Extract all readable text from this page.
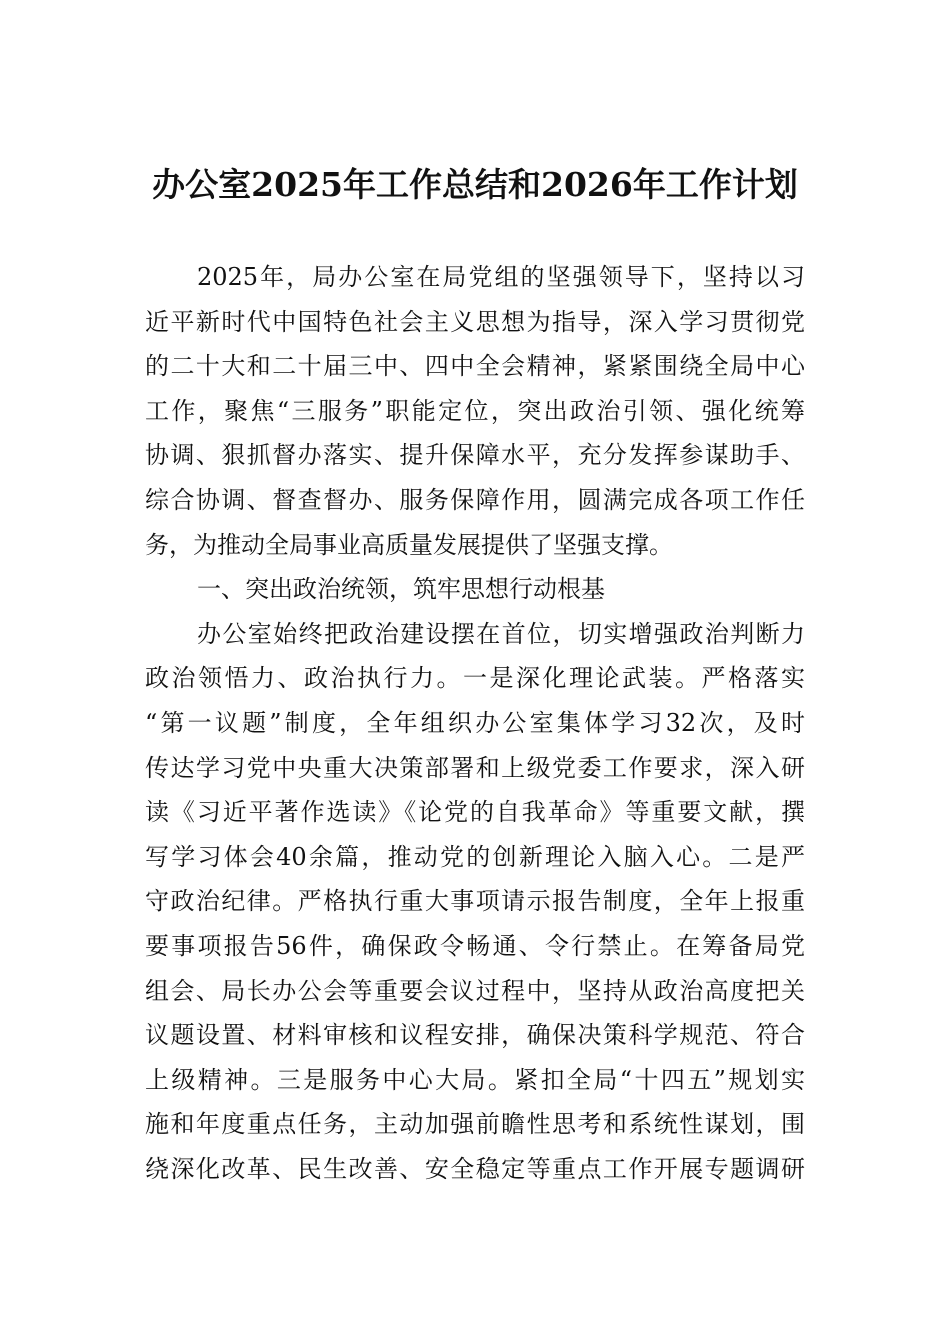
办公室2025年工作总结和2026年工作计划
2025年，局办公室在局党组的坚强领导下，坚持以习
近平新时代中国特色社会主义思想为指导，深入学习贯彻党
的二十大和二十届三中、四中全会精神，紧紧围绕全局中心
工作，聚焦“三服务”职能定位，突出政治引领、强化统筹
协调、狠抓督办落实、提升保障水平，充分发挥参谋助手、
综合协调、督查督办、服务保障作用，圆满完成各项工作任
务，为推动全局事业高质量发展提供了坚强支撑。
一、突出政治统领，筑牢思想行动根基
办公室始终把政治建设摆在首位，切实增强政治判断力
政治领悟力、政治执行力。一是深化理论武装。严格落实
“第一议题”制度，全年组织办公室集体学习32次，及时
传达学习党中央重大决策部署和上级党委工作要求，深入研
读《习近平著作选读》《论党的自我革命》等重要文献，撰
写学习体会40余篇，推动党的创新理论入脑入心。二是严
守政治纪律。严格执行重大事项请示报告制度，全年上报重
要事项报告56件，确保政令畅通、令行禁止。在筹备局党
组会、局长办公会等重要会议过程中，坚持从政治高度把关
议题设置、材料审核和议程安排，确保决策科学规范、符合
上级精神。三是服务中心大局。紧扣全局“十四五”规划实
施和年度重点任务，主动加强前瞻性思考和系统性谋划，围
绕深化改革、民生改善、安全稳定等重点工作开展专题调研
